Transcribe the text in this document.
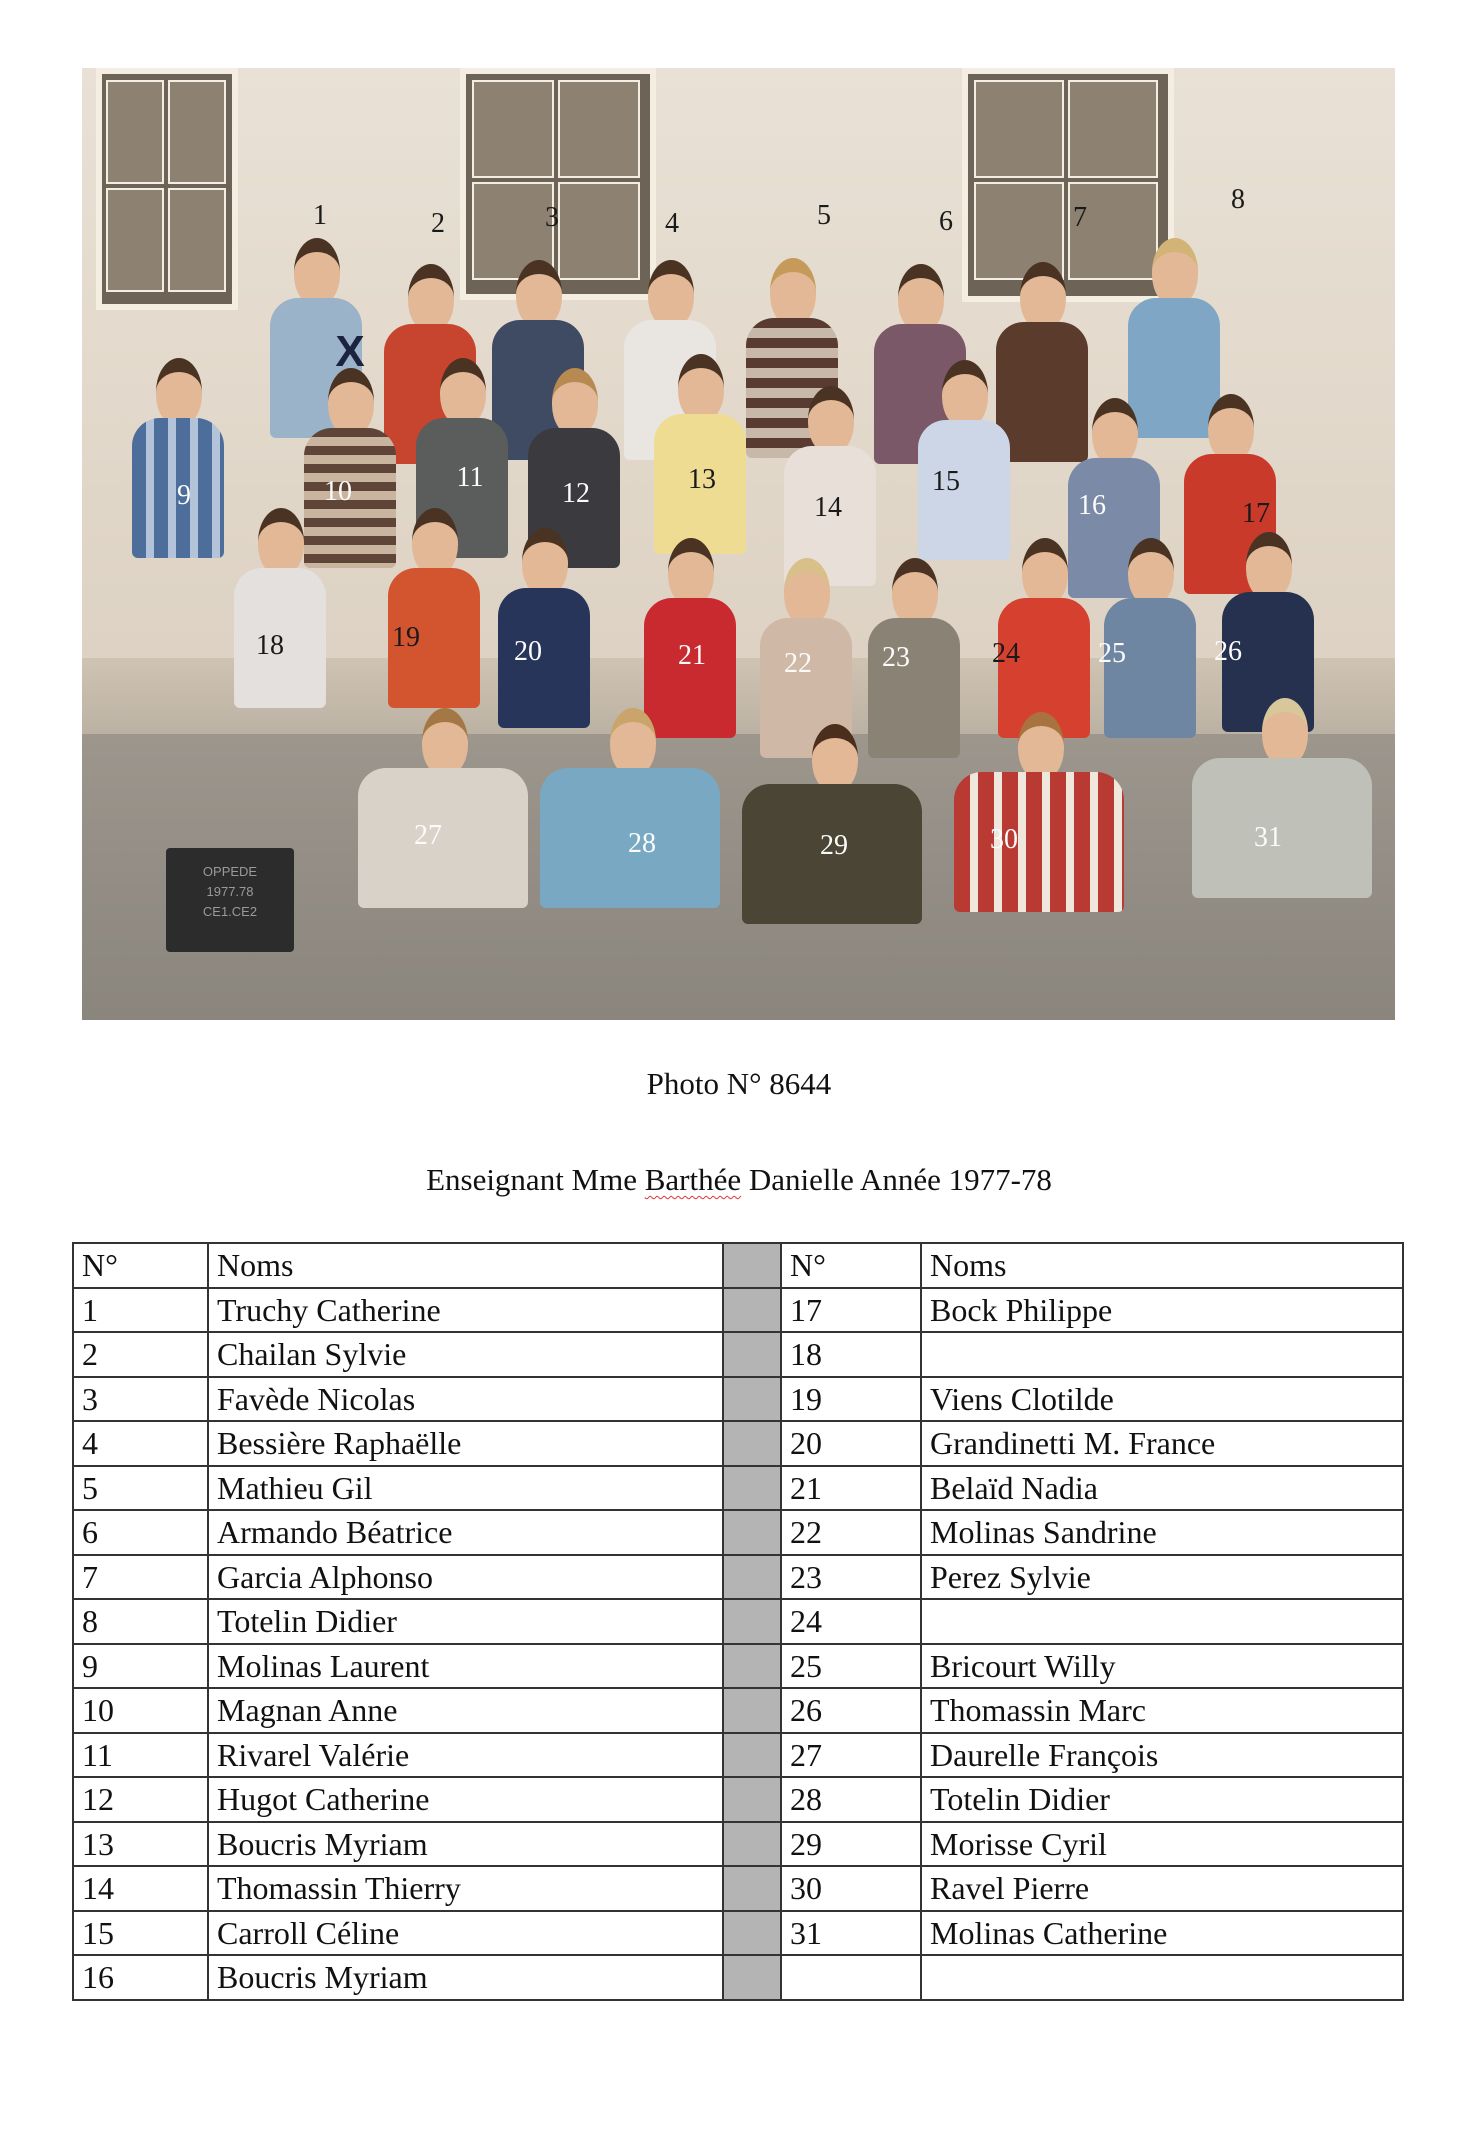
OPPEDE
1977.78
CE1.CE2
X
1	2	3	4	5	6	7
8
9	10	11
12	13
14
15
16	17
18	19	20	21	22	23	24	25	26
27	28	29	30	31
Photo N° 8644
Enseignant Mme Barthée Danielle Année 1977-78
N°	Noms		N°	Noms
1	Truchy Catherine		17	Bock Philippe
2	Chailan Sylvie		18	
3	Favède Nicolas		19	Viens Clotilde
4	Bessière Raphaëlle		20	Grandinetti M. France
5	Mathieu Gil		21	Belaïd Nadia
6	Armando Béatrice		22	Molinas Sandrine
7	Garcia Alphonso		23	Perez Sylvie
8	Totelin Didier		24	
9	Molinas Laurent		25	Bricourt Willy
10	Magnan Anne		26	Thomassin Marc
11	Rivarel Valérie		27	Daurelle François
12	Hugot Catherine		28	Totelin Didier
13	Boucris Myriam		29	Morisse Cyril
14	Thomassin Thierry		30	Ravel Pierre
15	Carroll Céline		31	Molinas Catherine
16	Boucris Myriam			
